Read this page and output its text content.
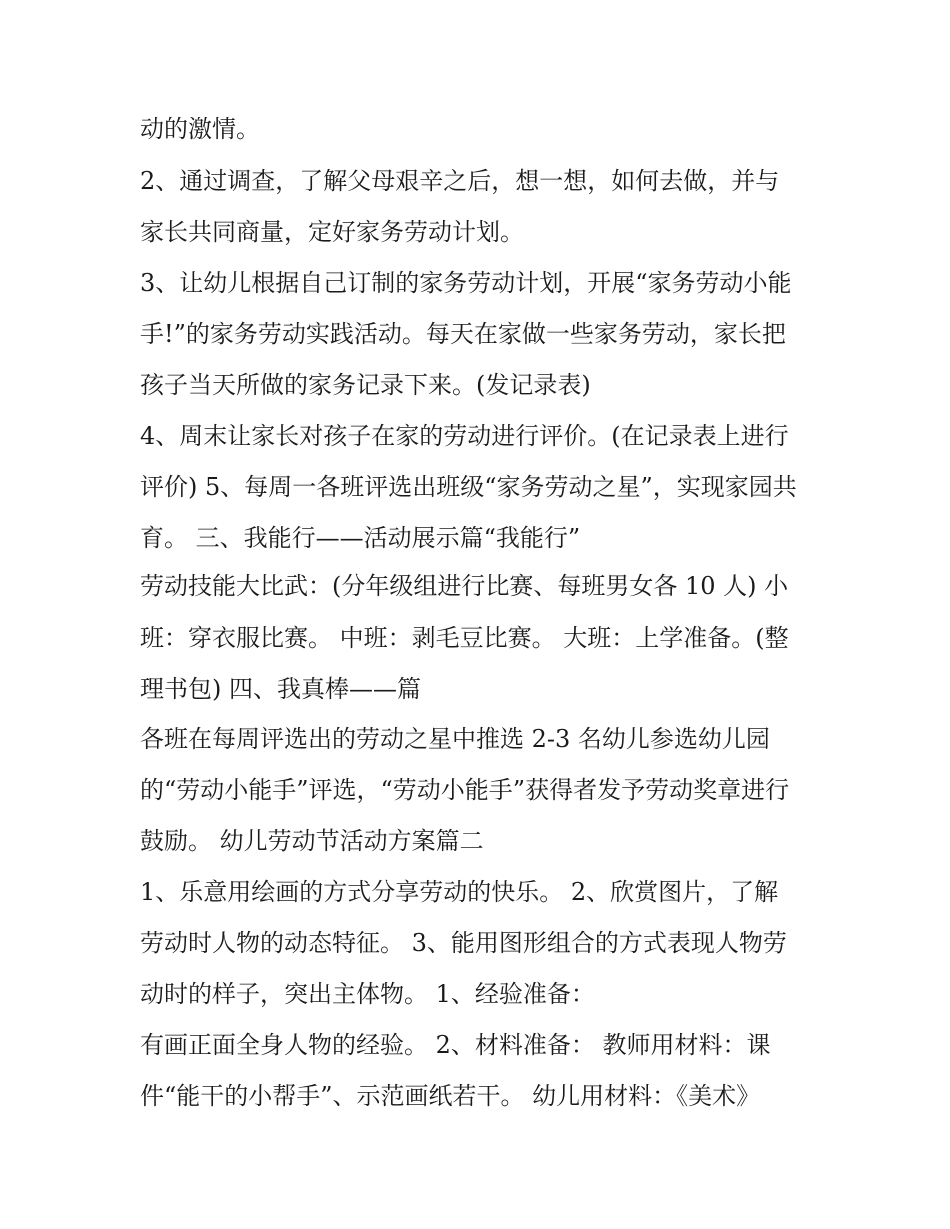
动的激情。
2、通过调查，了解父母艰辛之后，想一想，如何去做，并与
家长共同商量，定好家务劳动计划。
3、让幼儿根据自己订制的家务劳动计划，开展“家务劳动小能
手!”的家务劳动实践活动。每天在家做一些家务劳动，家长把
孩子当天所做的家务记录下来。(发记录表)
4、周末让家长对孩子在家的劳动进行评价。(在记录表上进行
评价) 5、每周一各班评选出班级“家务劳动之星”，实现家园共
育。 三、我能行——活动展示篇“我能行”
劳动技能大比武：(分年级组进行比赛、每班男女各 10 人) 小
班：穿衣服比赛。 中班：剥毛豆比赛。 大班：上学准备。(整
理书包) 四、我真棒——篇
各班在每周评选出的劳动之星中推选 2-3 名幼儿参选幼儿园
的“劳动小能手”评选，“劳动小能手”获得者发予劳动奖章进行
鼓励。 幼儿劳动节活动方案篇二
1、乐意用绘画的方式分享劳动的快乐。 2、欣赏图片，了解
劳动时人物的动态特征。 3、能用图形组合的方式表现人物劳
动时的样子，突出主体物。 1、经验准备：
有画正面全身人物的经验。 2、材料准备： 教师用材料：课
件“能干的小帮手”、示范画纸若干。 幼儿用材料：《美术》
